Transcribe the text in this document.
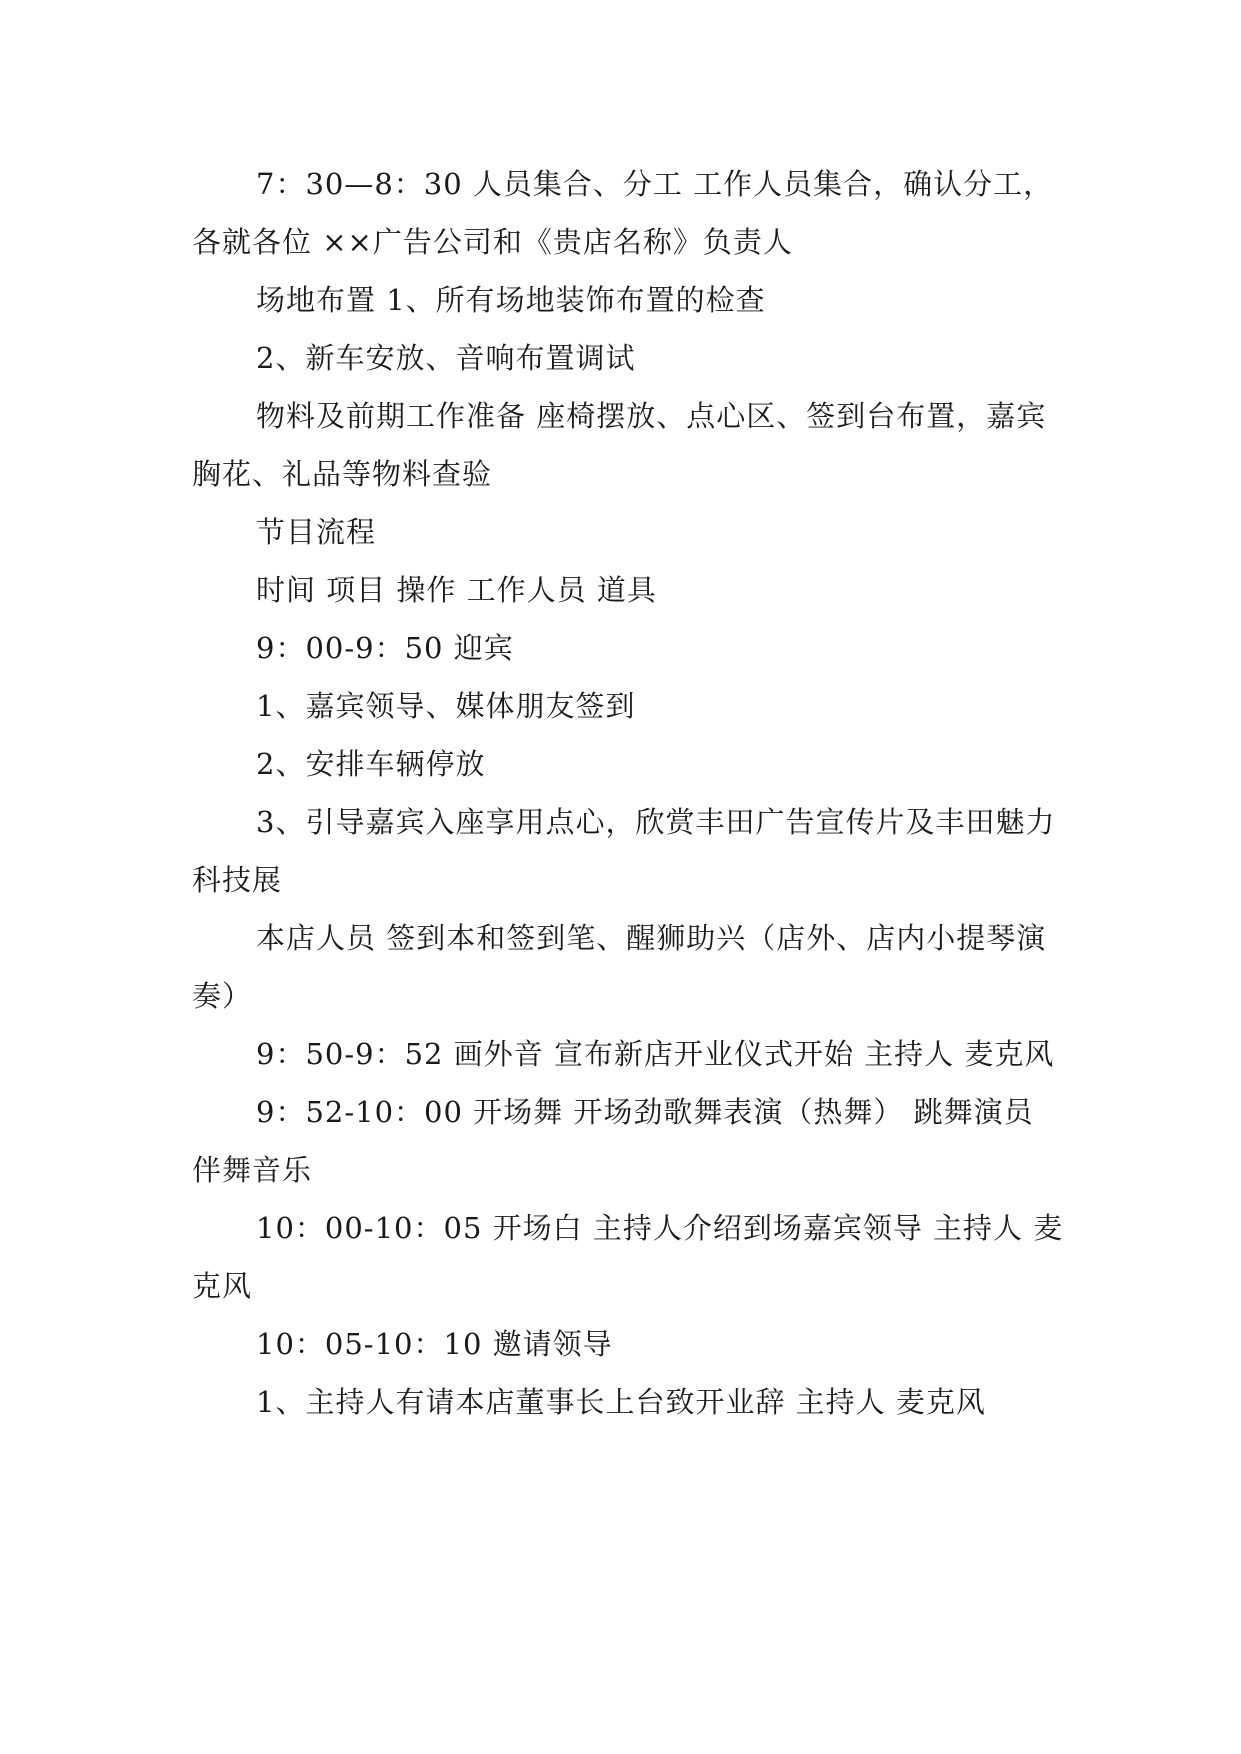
7：30—8：30 人员集合、分工 工作人员集合，确认分工，各就各位 ××广告公司和《贵店名称》负责人

场地布置 1、所有场地装饰布置的检查

2、新车安放、音响布置调试

物料及前期工作准备 座椅摆放、点心区、签到台布置，嘉宾胸花、礼品等物料查验

节目流程

时间 项目 操作 工作人员 道具

9：00-9：50 迎宾

1、嘉宾领导、媒体朋友签到

2、安排车辆停放

3、引导嘉宾入座享用点心，欣赏丰田广告宣传片及丰田魅力科技展

本店人员 签到本和签到笔、醒狮助兴（店外、店内小提琴演奏）

9：50-9：52 画外音 宣布新店开业仪式开始 主持人 麦克风

9：52-10：00 开场舞 开场劲歌舞表演（热舞） 跳舞演员 伴舞音乐

10：00-10：05 开场白 主持人介绍到场嘉宾领导 主持人 麦克风

10：05-10：10 邀请领导

1、主持人有请本店董事长上台致开业辞 主持人 麦克风
